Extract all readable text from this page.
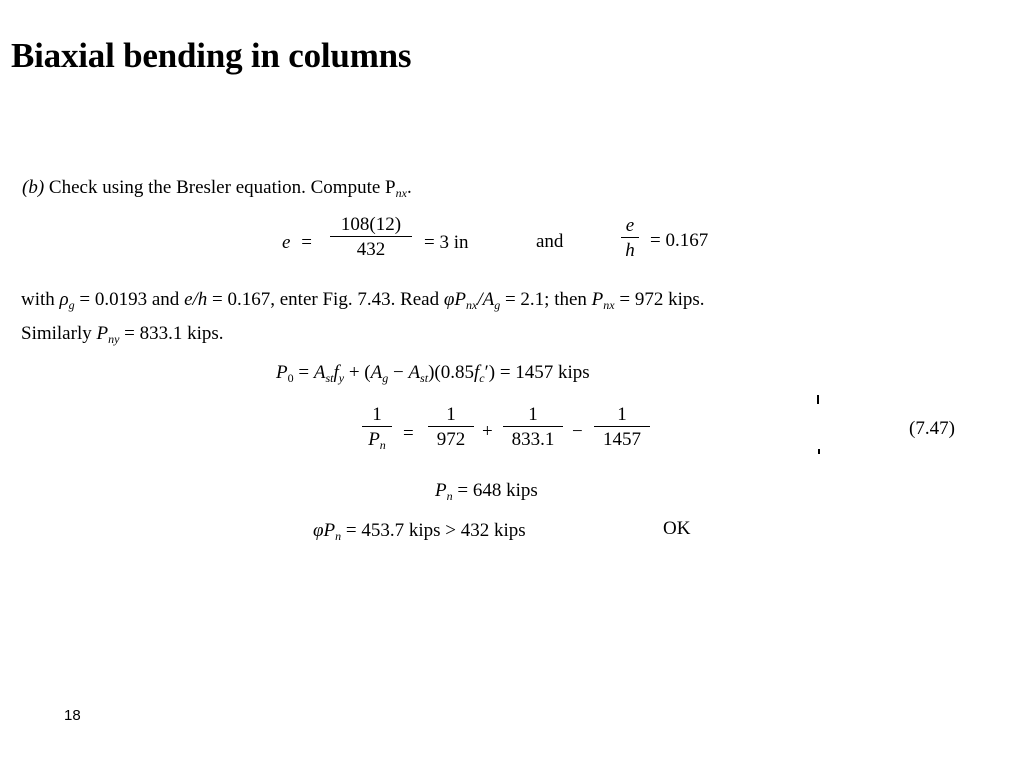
Biaxial bending in columns
(b) Check using the Bresler equation. Compute $P_{nx}$.
e =
108(12)
432	= 3 in	and
e
h = 0.167
with $\rho_g = 0.0193$ and e/h = 0.167, enter Fig. 7.43. Read $\varphi P_{nx}/A_g = 2.1$; then $P_{nx} = 972$ kips.
Similarly $P_{ny} = 833.1$ kips.
$P_0 = A_{st}f_y + (A_g - A_{st})(0.85f_c') = 1457$ kips
1
$P_n$
=
1
972 +
1
833.1 −
1
1457
(7.47)
$P_n = 648$ kips
$\varphi P_n = 453.7$ kips > 432 kips	OK
18
